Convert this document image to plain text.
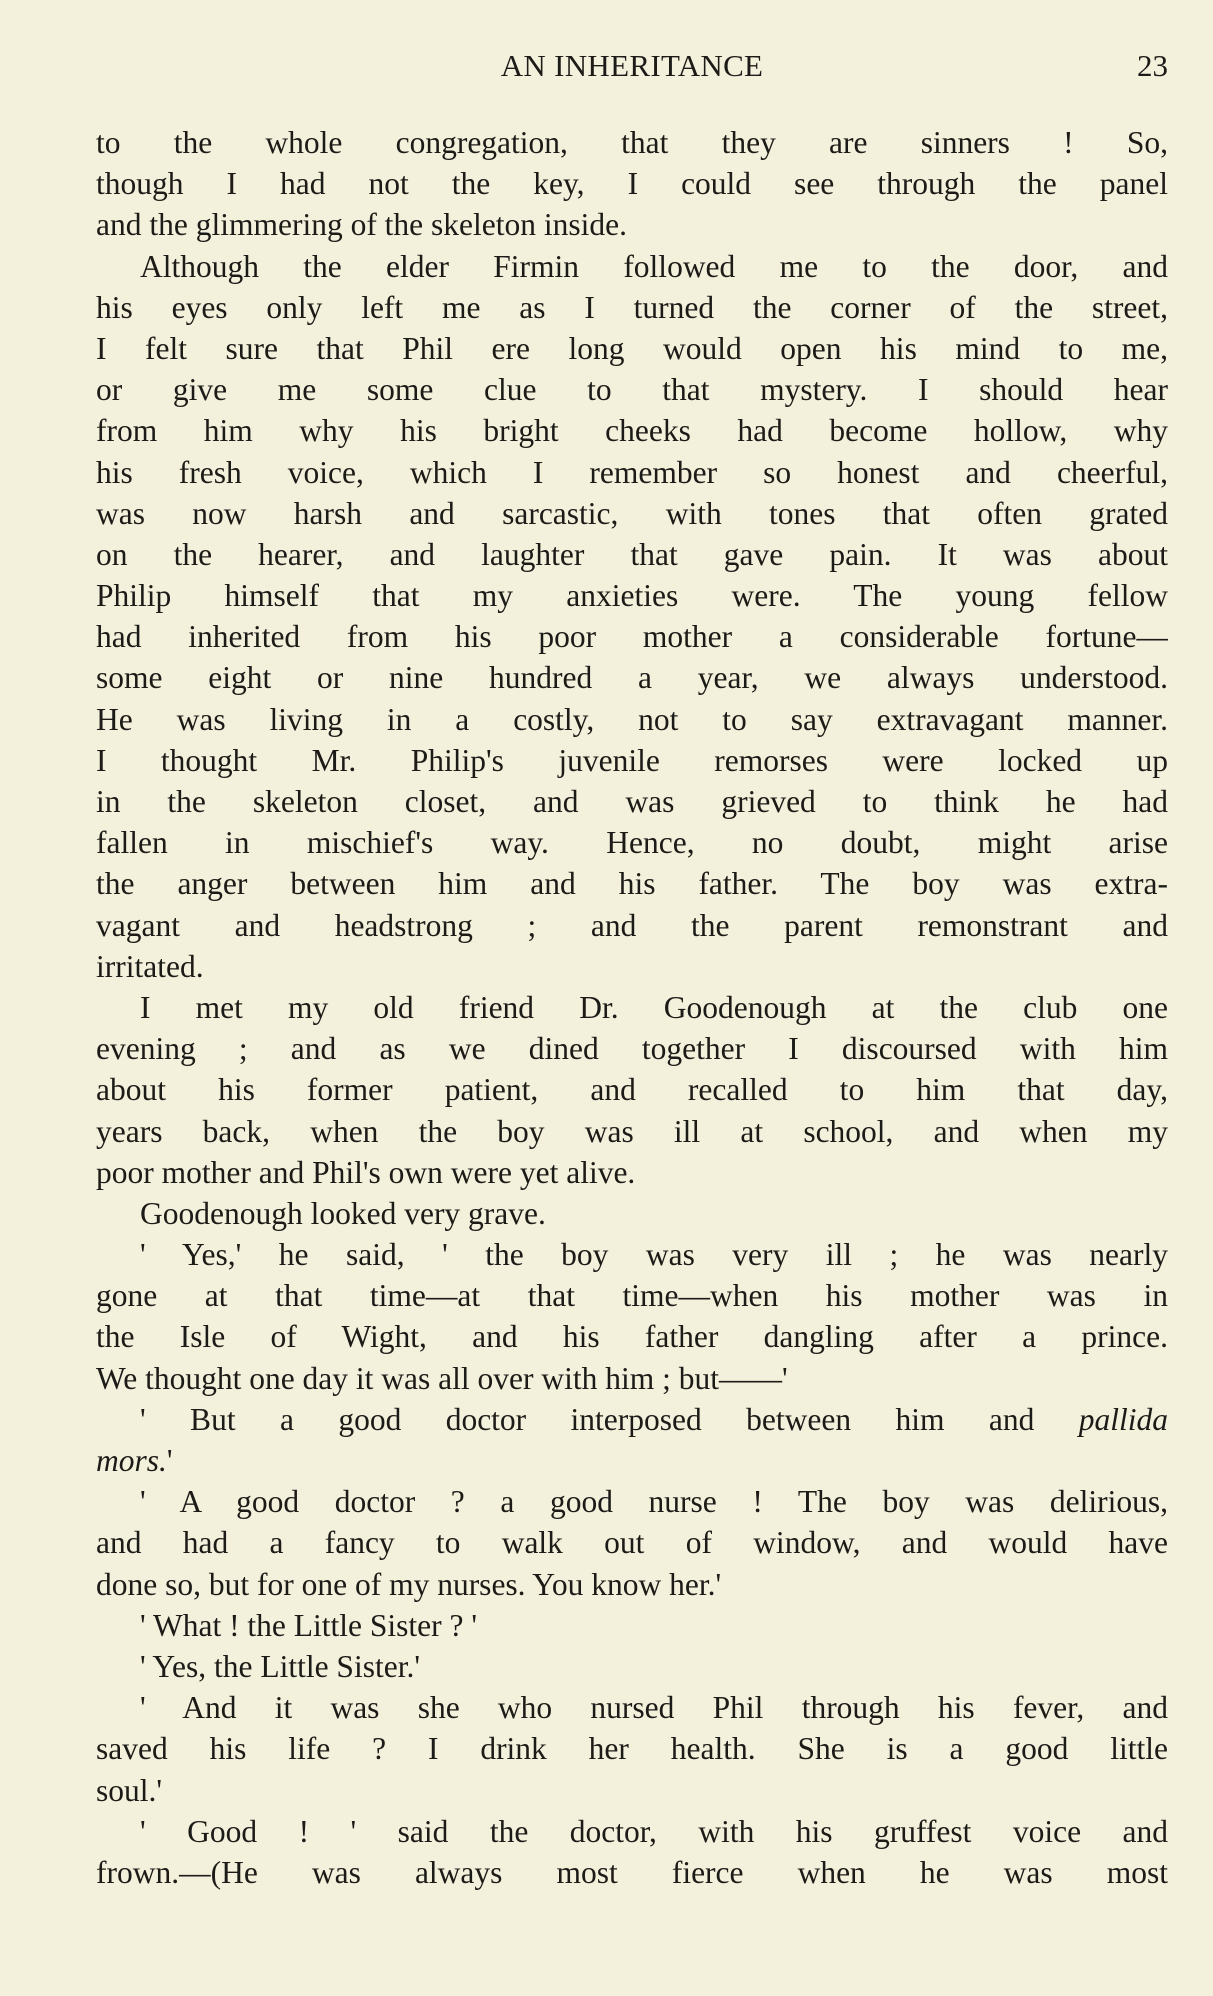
AN INHERITANCE	23
to the whole congregation, that they are sinners ! So,
though I had not the key, I could see through the panel
and the glimmering of the skeleton inside.
Although the elder Firmin followed me to the door, and
his eyes only left me as I turned the corner of the street,
I felt sure that Phil ere long would open his mind to me,
or give me some clue to that mystery. I should hear
from him why his bright cheeks had become hollow, why
his fresh voice, which I remember so honest and cheerful,
was now harsh and sarcastic, with tones that often grated
on the hearer, and laughter that gave pain. It was about
Philip himself that my anxieties were. The young fellow
had inherited from his poor mother a considerable fortune—
some eight or nine hundred a year, we always understood.
He was living in a costly, not to say extravagant manner.
I thought Mr. Philip's juvenile remorses were locked up
in the skeleton closet, and was grieved to think he had
fallen in mischief's way. Hence, no doubt, might arise
the anger between him and his father. The boy was extra-
vagant and headstrong ; and the parent remonstrant and
irritated.
I met my old friend Dr. Goodenough at the club one
evening ; and as we dined together I discoursed with him
about his former patient, and recalled to him that day,
years back, when the boy was ill at school, and when my
poor mother and Phil's own were yet alive.
Goodenough looked very grave.
' Yes,' he said, ' the boy was very ill ; he was nearly
gone at that time—at that time—when his mother was in
the Isle of Wight, and his father dangling after a prince.
We thought one day it was all over with him ; but——'
' But a good doctor interposed between him and pallida
mors.'
' A good doctor ? a good nurse ! The boy was delirious,
and had a fancy to walk out of window, and would have
done so, but for one of my nurses. You know her.'
' What ! the Little Sister ? '
' Yes, the Little Sister.'
' And it was she who nursed Phil through his fever, and
saved his life ? I drink her health. She is a good little
soul.'
' Good ! ' said the doctor, with his gruffest voice and
frown.—(He was always most fierce when he was most
